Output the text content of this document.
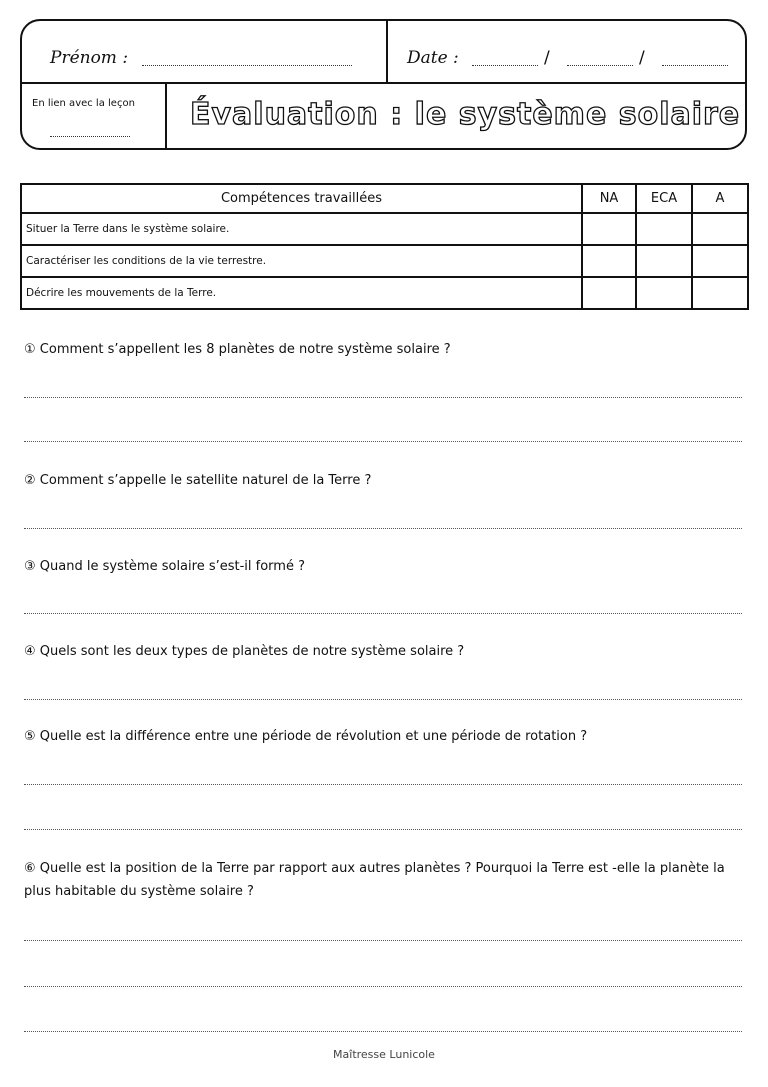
Prénom :	Date :	/	/
En lien avec la leçon Évaluation : le système solaire
Compétences travaillées	NA	ECA	A
Situer la Terre dans le système solaire.			
Caractériser les conditions de la vie terrestre.			
Décrire les mouvements de la Terre.			
① Comment s’appellent les 8 planètes de notre système solaire ?
② Comment s’appelle le satellite naturel de la Terre ?
③ Quand le système solaire s’est-il formé ?
④ Quels sont les deux types de planètes de notre système solaire ?
⑤ Quelle est la différence entre une période de révolution et une période de rotation ?
⑥ Quelle est la position de la Terre par rapport aux autres planètes ? Pourquoi la Terre est -elle la planète la plus habitable du système solaire ?
Maîtresse Lunicole
